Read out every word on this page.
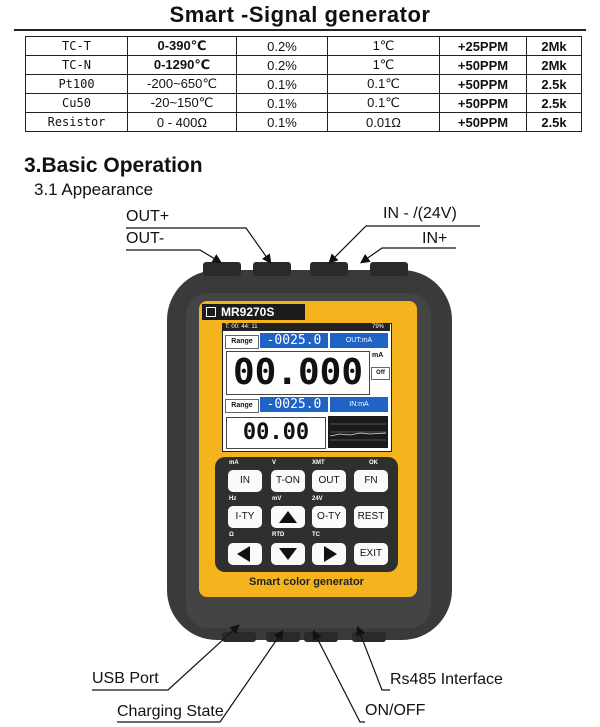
Smart -Signal generator
TC-T	0-390℃	0.2%	1℃	+25PPM	2Mk
TC-N	0-1290℃	0.2%	1℃	+50PPM	2Mk
Pt100	-200~650℃	0.1%	0.1℃	+50PPM	2.5k
Cu50	-20~150℃	0.1%	0.1℃	+50PPM	2.5k
Resistor	0 - 400Ω	0.1%	0.01Ω	+50PPM	2.5k
3.Basic Operation
3.1 Appearance
OUT+
OUT-
IN - /(24V)
IN+
USB Port
Charging State
Rs485 Interface
ON/OFF
MR9270S
T: 00: 44: 11	79%
Range	-0025.0	OUT:mA
00.000	mA
Off
Range	-0025.0	IN:mA
00.00
mA	V	XMT	OK
IN	T-ON	OUT	FN
Hz	mV	24V
I-TY	O-TY	REST
Ω	RTD	TC
EXIT
Smart color generator
